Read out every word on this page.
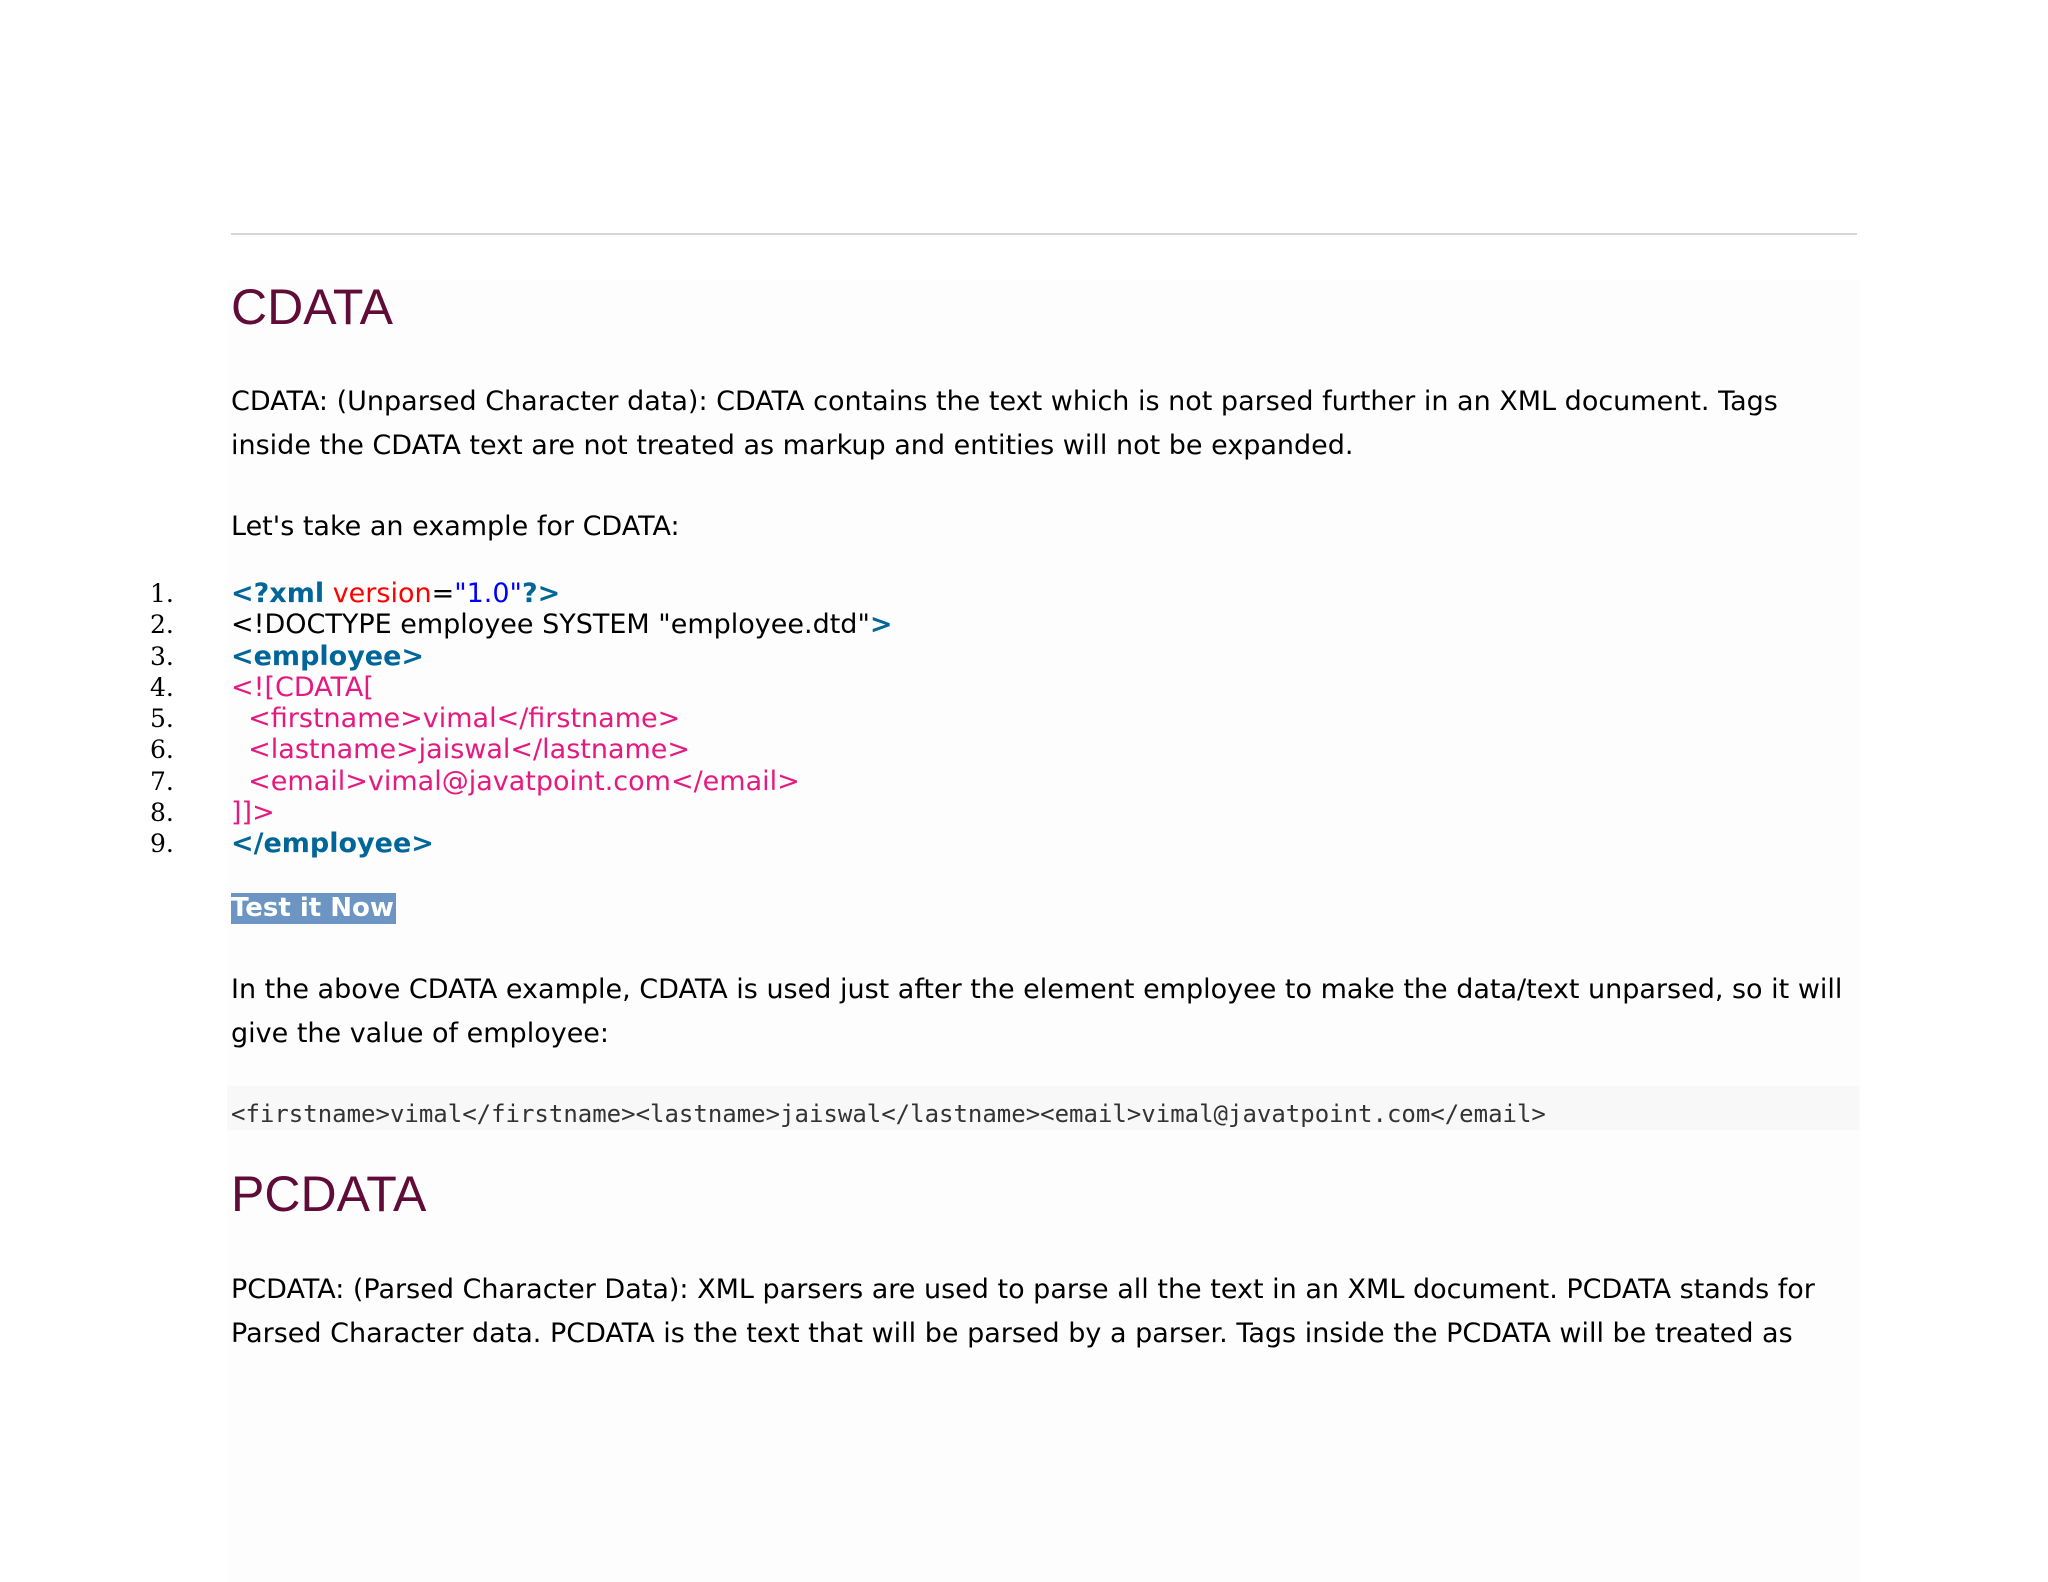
CDATA

CDATA: (Unparsed Character data): CDATA contains the text which is not parsed further in an XML document. Tags inside the CDATA text are not treated as markup and entities will not be expanded.

Let's take an example for CDATA:

1. <?xml version="1.0"?>
2. <!DOCTYPE employee SYSTEM "employee.dtd">
3. <employee>
4. <![CDATA[
5.  <firstname>vimal</firstname>
6.  <lastname>jaiswal</lastname>
7.  <email>vimal@javatpoint.com</email>
8. ]]>
9. </employee>
Test it Now

In the above CDATA example, CDATA is used just after the element employee to make the data/text unparsed, so it will give the value of employee:

<firstname>vimal</firstname><lastname>jaiswal</lastname><email>vimal@javatpoint.com</email>

PCDATA

PCDATA: (Parsed Character Data): XML parsers are used to parse all the text in an XML document. PCDATA stands for Parsed Character data. PCDATA is the text that will be parsed by a parser. Tags inside the PCDATA will be treated as
